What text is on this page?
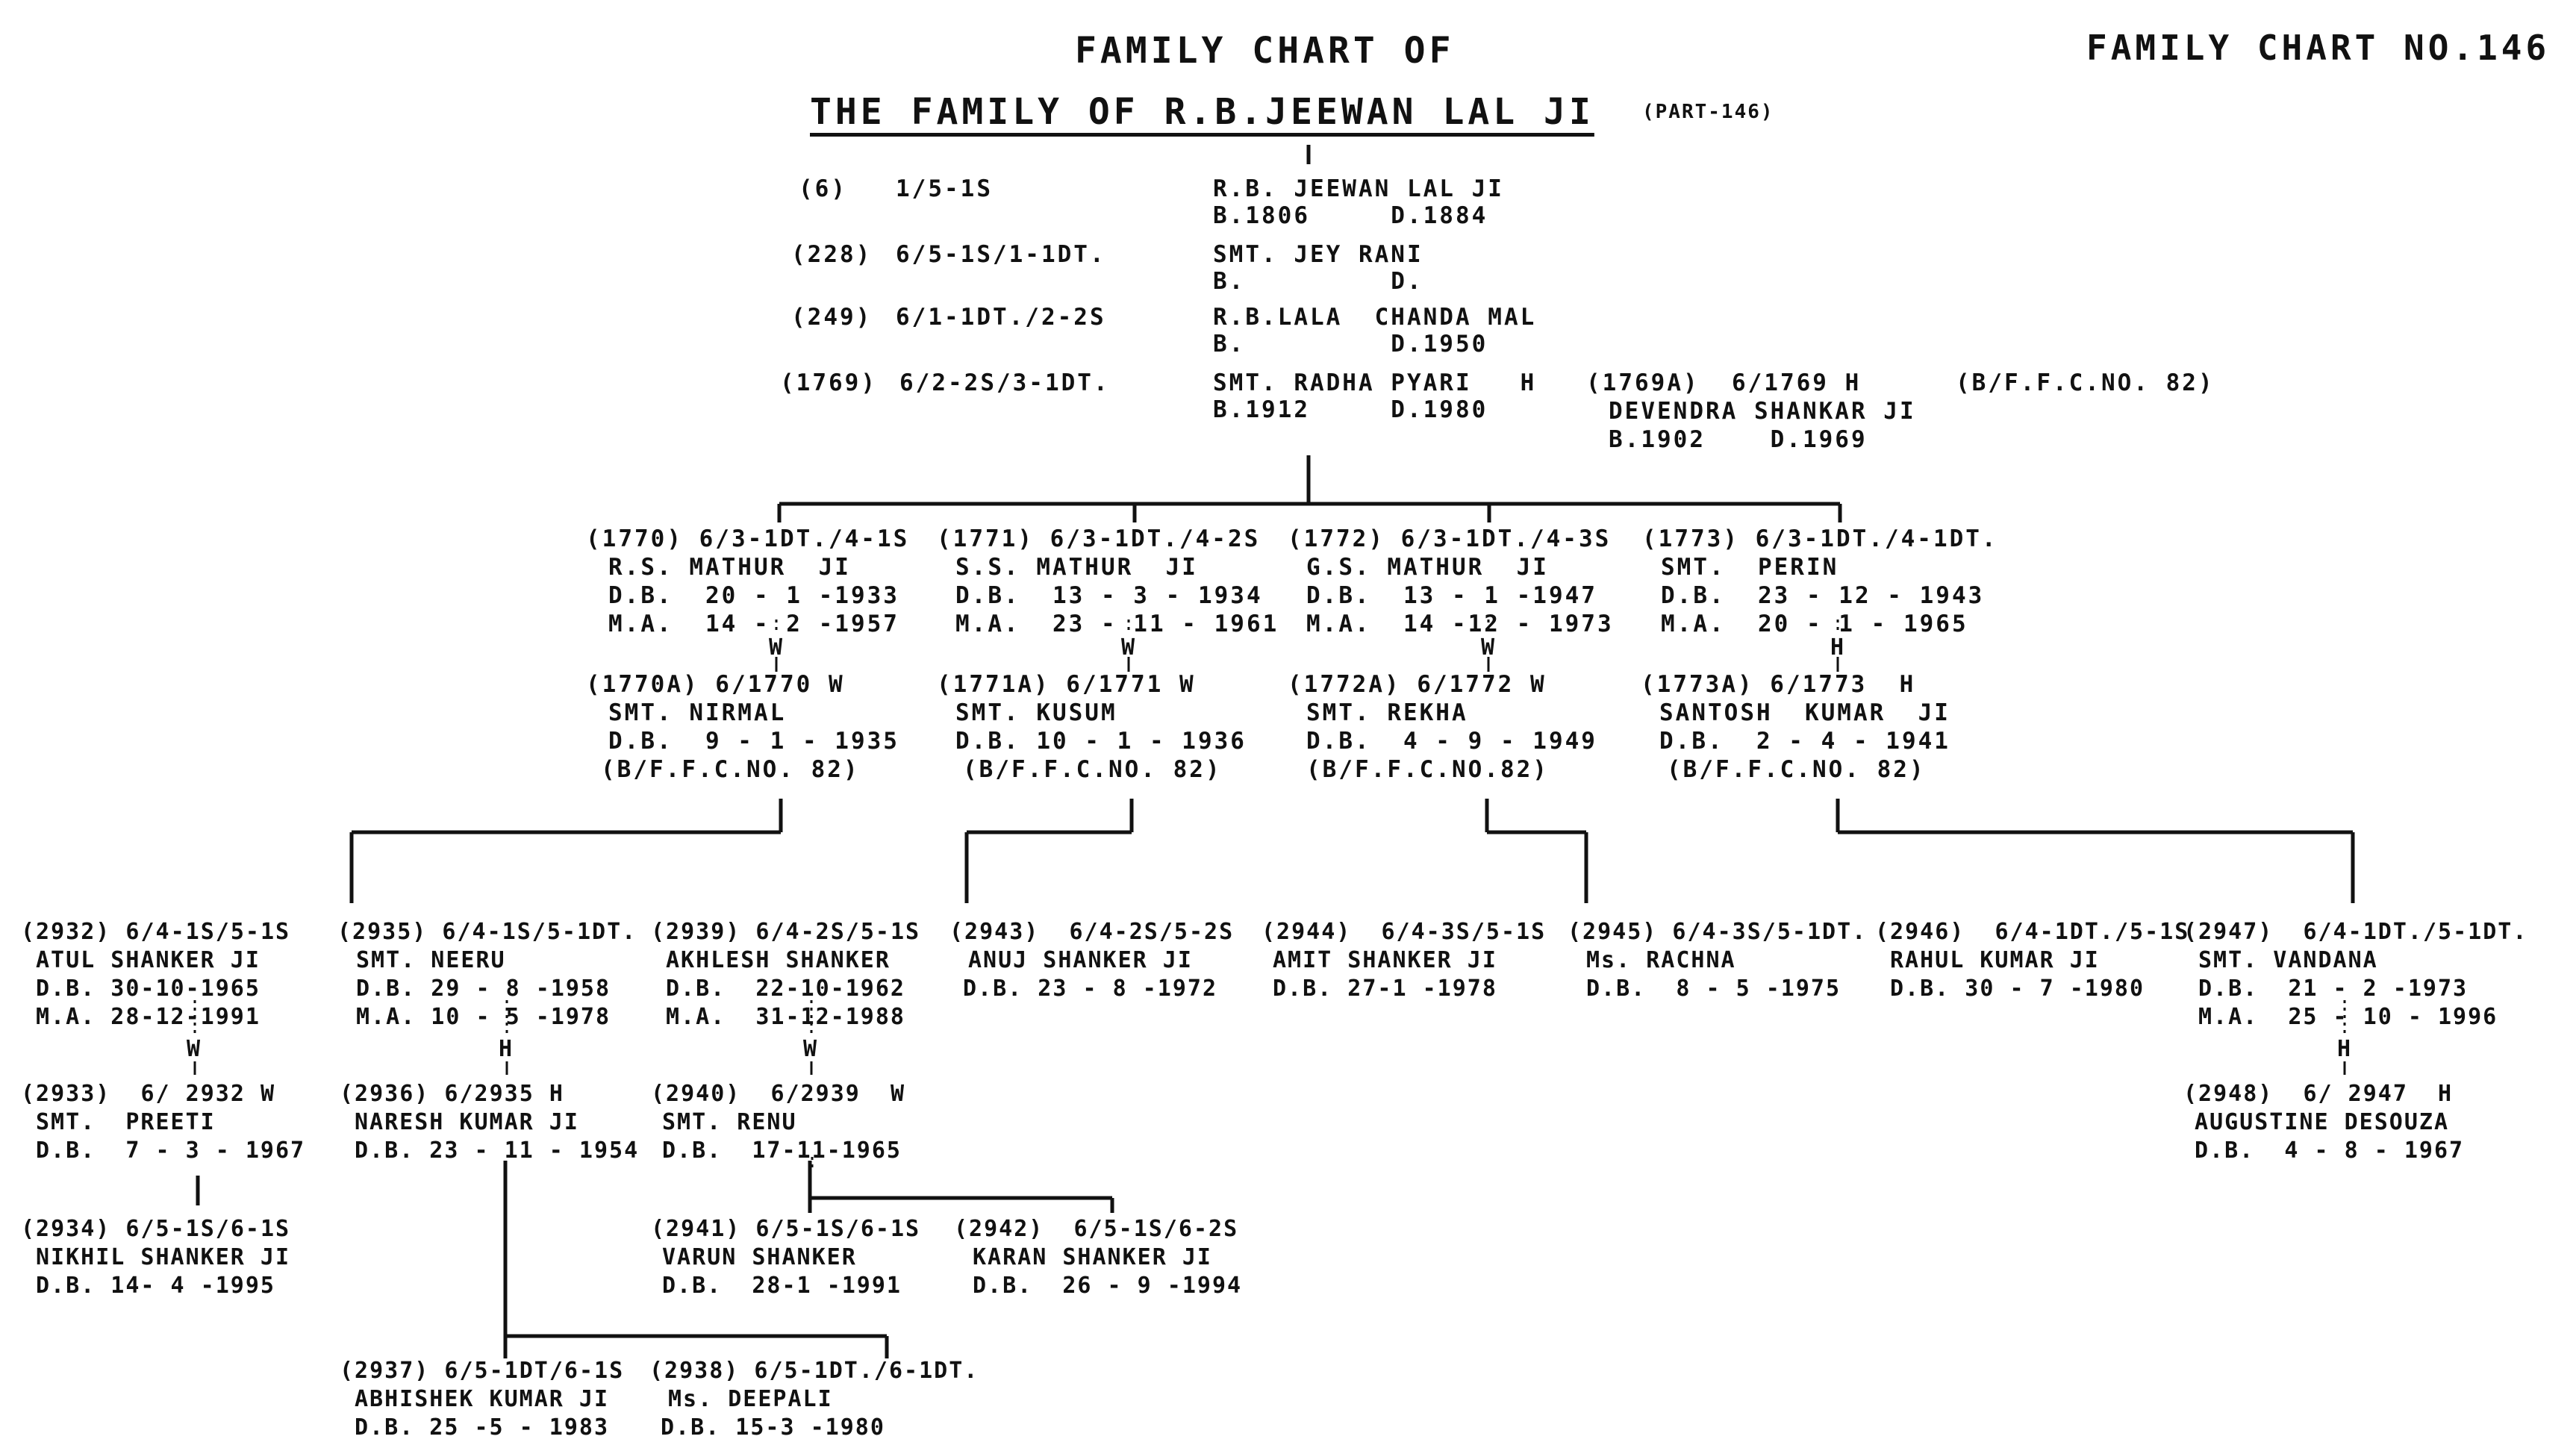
FAMILY CHART OF
THE FAMILY OF R.B.JEEWAN LAL JI (PART-146)
FAMILY CHART NO.146
(6) 1/5-1S	R.B. JEEWAN LAL JI
B.1806     D.1884
(228) 6/5-1S/1-1DT.	SMT. JEY RANI
B.         D.
(249) 6/1-1DT./2-2S	R.B.LALA  CHANDA MAL
B.         D.1950
(1769) 6/2-2S/3-1DT.	SMT. RADHA PYARI   H
B.1912     D.1980
(1769A)  6/1769 H
DEVENDRA SHANKAR JI
B.1902    D.1969
(B/F.F.C.NO. 82)
(1770) 6/3-1DT./4-1S
R.S. MATHUR  JI
D.B.  20 - 1 -1933
M.A.  14 - 2 -1957
W
(1770A) 6/1770 W
SMT. NIRMAL
D.B.  9 - 1 - 1935
(B/F.F.C.NO. 82)
(1771) 6/3-1DT./4-2S
S.S. MATHUR  JI
D.B.  13 - 3 - 1934
M.A.  23 - 11 - 1961
W
(1771A) 6/1771 W
SMT. KUSUM
D.B. 10 - 1 - 1936
(B/F.F.C.NO. 82)
(1772) 6/3-1DT./4-3S
G.S. MATHUR  JI
D.B.  13 - 1 -1947
M.A.  14 -12 - 1973
W
(1772A) 6/1772 W
SMT. REKHA
D.B.  4 - 9 - 1949
(B/F.F.C.NO.82)
(1773) 6/3-1DT./4-1DT.
SMT.  PERIN
D.B.  23 - 12 - 1943
M.A.  20 - 1 - 1965
H
(1773A) 6/1773  H
SANTOSH  KUMAR  JI
D.B.  2 - 4 - 1941
(B/F.F.C.NO. 82)
(2932) 6/4-1S/5-1S
ATUL SHANKER JI
D.B. 30-10-1965
M.A. 28-12-1991
W
(2933)  6/ 2932 W
SMT.  PREETI
D.B.  7 - 3 - 1967
(2934) 6/5-1S/6-1S
NIKHIL SHANKER JI
D.B. 14- 4 -1995
(2935) 6/4-1S/5-1DT.
SMT. NEERU
D.B. 29 - 8 -1958
M.A. 10 - 5 -1978
H
(2936) 6/2935 H
NARESH KUMAR JI
D.B. 23 - 11 - 1954
(2937) 6/5-1DT/6-1S
ABHISHEK KUMAR JI
D.B. 25 -5 - 1983
(2938) 6/5-1DT./6-1DT.
Ms. DEEPALI
D.B. 15-3 -1980
(2939) 6/4-2S/5-1S
AKHLESH SHANKER
D.B.  22-10-1962
M.A.  31-12-1988
W
(2940)  6/2939  W
SMT. RENU
D.B.  17-11-1965
(2941) 6/5-1S/6-1S
VARUN SHANKER
D.B.  28-1 -1991
(2942)  6/5-1S/6-2S
KARAN SHANKER JI
D.B.  26 - 9 -1994
(2943)  6/4-2S/5-2S
ANUJ SHANKER JI
D.B. 23 - 8 -1972
(2944)  6/4-3S/5-1S
AMIT SHANKER JI
D.B. 27-1 -1978
(2945) 6/4-3S/5-1DT.
Ms. RACHNA
D.B.  8 - 5 -1975
(2946)  6/4-1DT./5-1S
RAHUL KUMAR JI
D.B. 30 - 7 -1980
(2947)  6/4-1DT./5-1DT.
SMT. VANDANA
D.B.  21 - 2 -1973
M.A.  25 - 10 - 1996
H
(2948)  6/ 2947  H
AUGUSTINE DESOUZA
D.B.  4 - 8 - 1967
